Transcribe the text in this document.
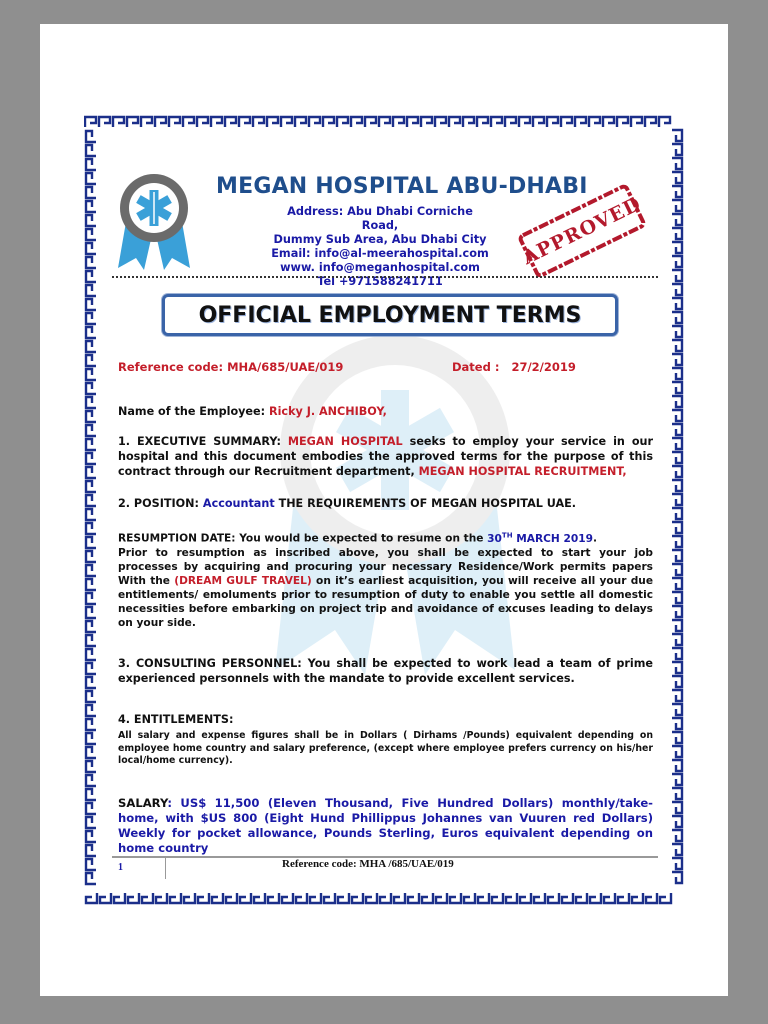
MEGAN HOSPITAL ABU-DHABI
Address: Abu Dhabi Corniche Road,
Dummy Sub Area, Abu Dhabi City
Email: info@al-meerahospital.com
www. info@meganhospital.com
Tel +971588241711
APPROVED
OFFICIAL EMPLOYMENT TERMS
Reference code: MHA/685/UAE/019	Dated : 27/2/2019
Name of the Employee: Ricky J. ANCHIBOY,
1. EXECUTIVE SUMMARY: MEGAN HOSPITAL seeks to employ your service in our hospital and this document embodies the approved terms for the purpose of this contract through our Recruitment department, MEGAN HOSPITAL RECRUITMENT,
2. POSITION: Accountant THE REQUIREMENTS OF MEGAN HOSPITAL UAE.
RESUMPTION DATE: You would be expected to resume on the 30TH MARCH 2019.
Prior to resumption as inscribed above, you shall be expected to start your job processes by acquiring and procuring your necessary Residence/Work permits papers With the (DREAM GULF TRAVEL) on it’s earliest acquisition, you will receive all your due entitlements/ emoluments prior to resumption of duty to enable you settle all domestic necessities before embarking on project trip and avoidance of excuses leading to delays on your side.
3. CONSULTING PERSONNEL: You shall be expected to work lead a team of prime experienced personnels with the mandate to provide excellent services.
4. ENTITLEMENTS:
All salary and expense figures shall be in Dollars ( Dirhams /Pounds) equivalent depending on employee home country and salary preference, (except where employee prefers currency on his/her local/home currency).
SALARY: US$ 11,500 (Eleven Thousand, Five Hundred Dollars) monthly/take-home, with $US 800 (Eight Hund Phillippus Johannes van Vuuren red Dollars) Weekly for pocket allowance, Pounds Sterling, Euros equivalent depending on home country
1	Reference code: MHA /685/UAE/019
